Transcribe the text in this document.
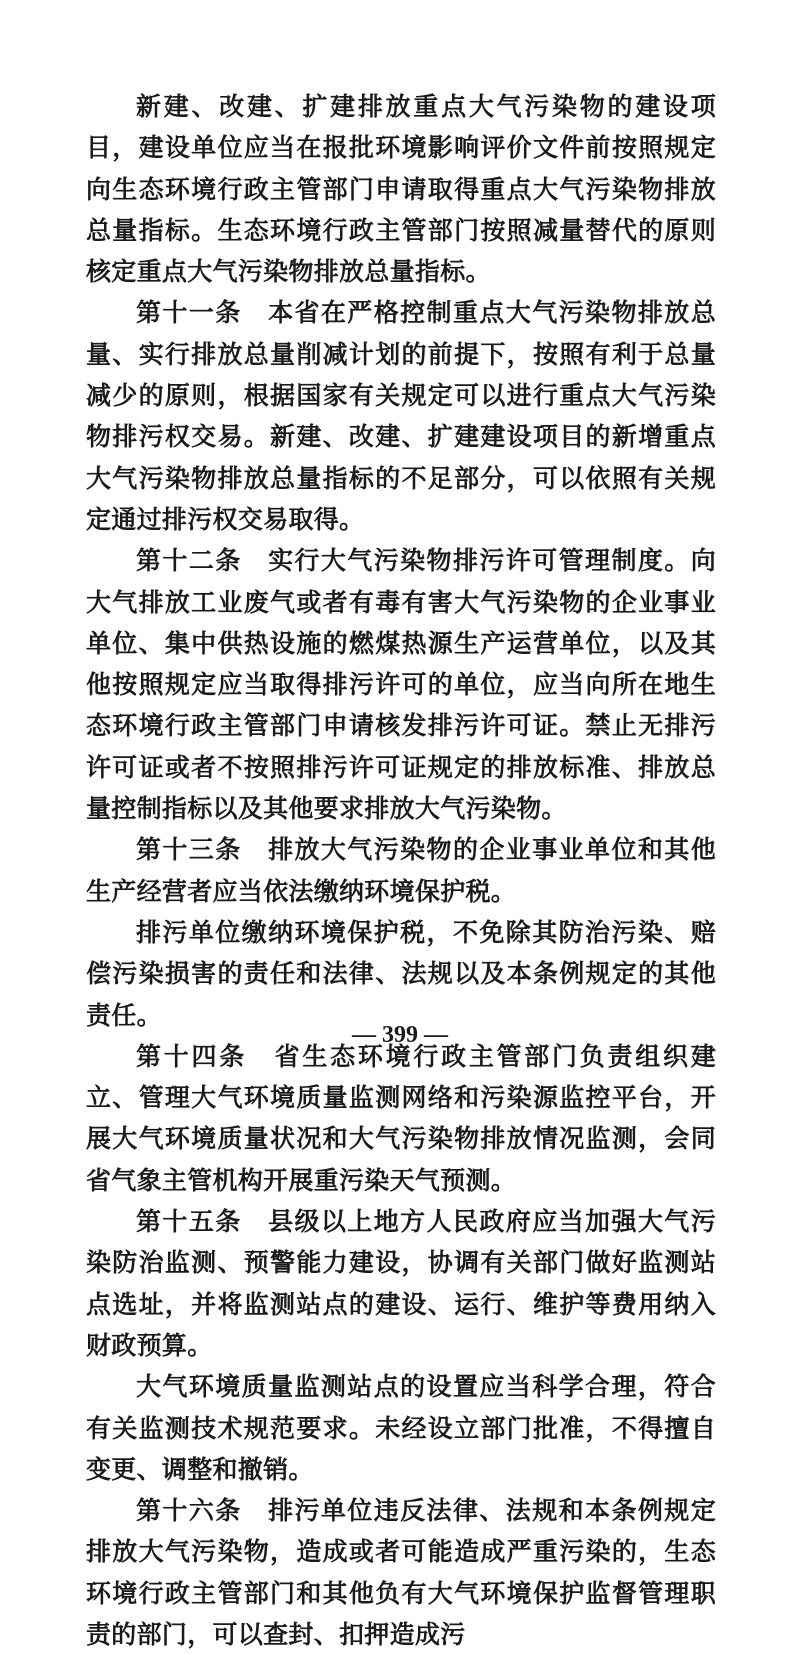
新建、改建、扩建排放重点大气污染物的建设项目，建设单位应当在报批环境影响评价文件前按照规定向生态环境行政主管部门申请取得重点大气污染物排放总量指标。生态环境行政主管部门按照减量替代的原则核定重点大气污染物排放总量指标。

第十一条　本省在严格控制重点大气污染物排放总量、实行排放总量削减计划的前提下，按照有利于总量减少的原则，根据国家有关规定可以进行重点大气污染物排污权交易。新建、改建、扩建建设项目的新增重点大气污染物排放总量指标的不足部分，可以依照有关规定通过排污权交易取得。

第十二条　实行大气污染物排污许可管理制度。向大气排放工业废气或者有毒有害大气污染物的企业事业单位、集中供热设施的燃煤热源生产运营单位，以及其他按照规定应当取得排污许可的单位，应当向所在地生态环境行政主管部门申请核发排污许可证。禁止无排污许可证或者不按照排污许可证规定的排放标准、排放总量控制指标以及其他要求排放大气污染物。

第十三条　排放大气污染物的企业事业单位和其他生产经营者应当依法缴纳环境保护税。

排污单位缴纳环境保护税，不免除其防治污染、赔偿污染损害的责任和法律、法规以及本条例规定的其他责任。

第十四条　省生态环境行政主管部门负责组织建立、管理大气环境质量监测网络和污染源监控平台，开展大气环境质量状况和大气污染物排放情况监测，会同省气象主管机构开展重污染天气预测。

第十五条　县级以上地方人民政府应当加强大气污染防治监测、预警能力建设，协调有关部门做好监测站点选址，并将监测站点的建设、运行、维护等费用纳入财政预算。

大气环境质量监测站点的设置应当科学合理，符合有关监测技术规范要求。未经设立部门批准，不得擅自变更、调整和撤销。

第十六条　排污单位违反法律、法规和本条例规定排放大气污染物，造成或者可能造成严重污染的，生态环境行政主管部门和其他负有大气环境保护监督管理职责的部门，可以查封、扣押造成污

— 399 —
